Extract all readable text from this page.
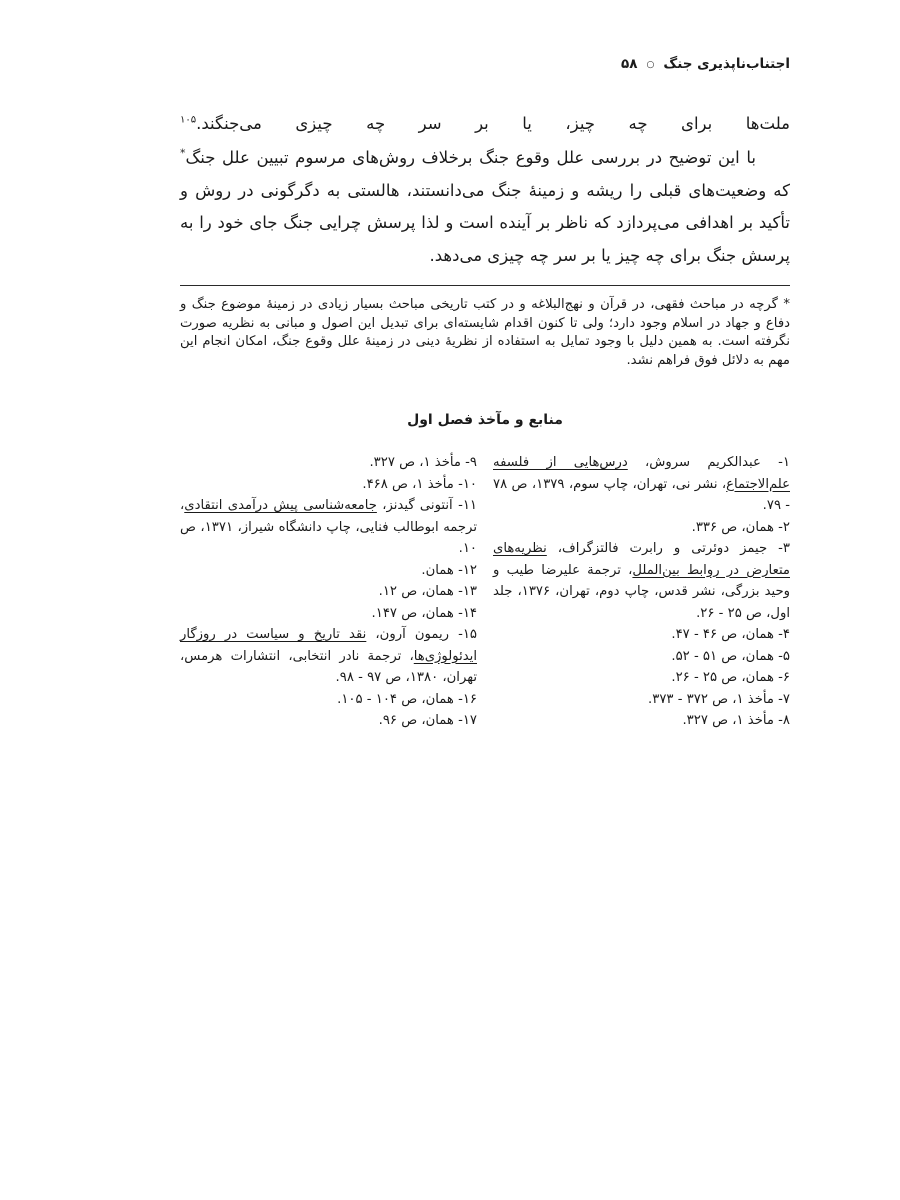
اجتناب‌ناپذیری جنگ
○
۵۸

ملت‌ها برای چه چیز، یا بر سر چه چیزی می‌جنگند.$^{۱۰۵}$

با این توضیح در بررسی علل وقوع جنگ برخلاف روش‌های مرسوم تبیین علل جنگ* که وضعیت‌های قبلی را ریشه و زمینهٔ جنگ می‌دانستند، هالستی به دگرگونی در روش و تأکید بر اهدافی می‌پردازد که ناظر بر آینده است و لذا پرسش چرایی جنگ جای خود را به پرسش جنگ برای چه چیز یا بر سر چه چیزی می‌دهد.

* گرچه در مباحث فقهی، در قرآن و نهج‌البلاغه و در کتب تاریخی مباحث بسیار زیادی در زمینهٔ موضوع جنگ و دفاع و جهاد در اسلام وجود دارد؛ ولی تا کنون اقدام شایسته‌ای برای تبدیل این اصول و مبانی به نظریه صورت نگرفته است. به همین دلیل با وجود تمایل به استفاده از نظریهٔ دینی در زمینهٔ علل وقوع جنگ، امکان انجام این مهم به دلائل فوق فراهم نشد.

منابع و مآخذ فصل اول

۱- عبدالکریم سروش، درس‌هایی از فلسفه علم‌الاجتماع، نشر نی، تهران، چاپ سوم، ۱۳۷۹، ص ۷۸ - ۷۹.

۲- همان، ص ۳۳۶.

۳- جیمز دوئرتی و رابرت فالتزگراف، نظریه‌های متعارض در روابط بین‌الملل، ترجمة علیرضا طیب و وحید بزرگی، نشر قدس، چاپ دوم، تهران، ۱۳۷۶، جلد اول، ص ۲۵ - ۲۶.

۴- همان، ص ۴۶ - ۴۷.

۵- همان، ص ۵۱ - ۵۲.

۶- همان، ص ۲۵ - ۲۶.

۷- مأخذ ۱، ص ۳۷۲ - ۳۷۳.

۸- مأخذ ۱، ص ۳۲۷.

۹- مأخذ ۱، ص ۳۲۷.

۱۰- مأخذ ۱، ص ۴۶۸.

۱۱- آنتونی گیدنز، جامعه‌شناسی پیش درآمدی انتقادی، ترجمه ابوطالب فنایی، چاپ دانشگاه شیراز، ۱۳۷۱، ص ۱۰.

۱۲- همان.

۱۳- همان، ص ۱۲.

۱۴- همان، ص ۱۴۷.

۱۵- ریمون آرون، نقد تاریخ و سیاست در روزگار ایدئولوژی‌ها، ترجمة نادر انتخابی، انتشارات هرمس، تهران، ۱۳۸۰، ص ۹۷ - ۹۸.

۱۶- همان، ص ۱۰۴ - ۱۰۵.

۱۷- همان، ص ۹۶.
